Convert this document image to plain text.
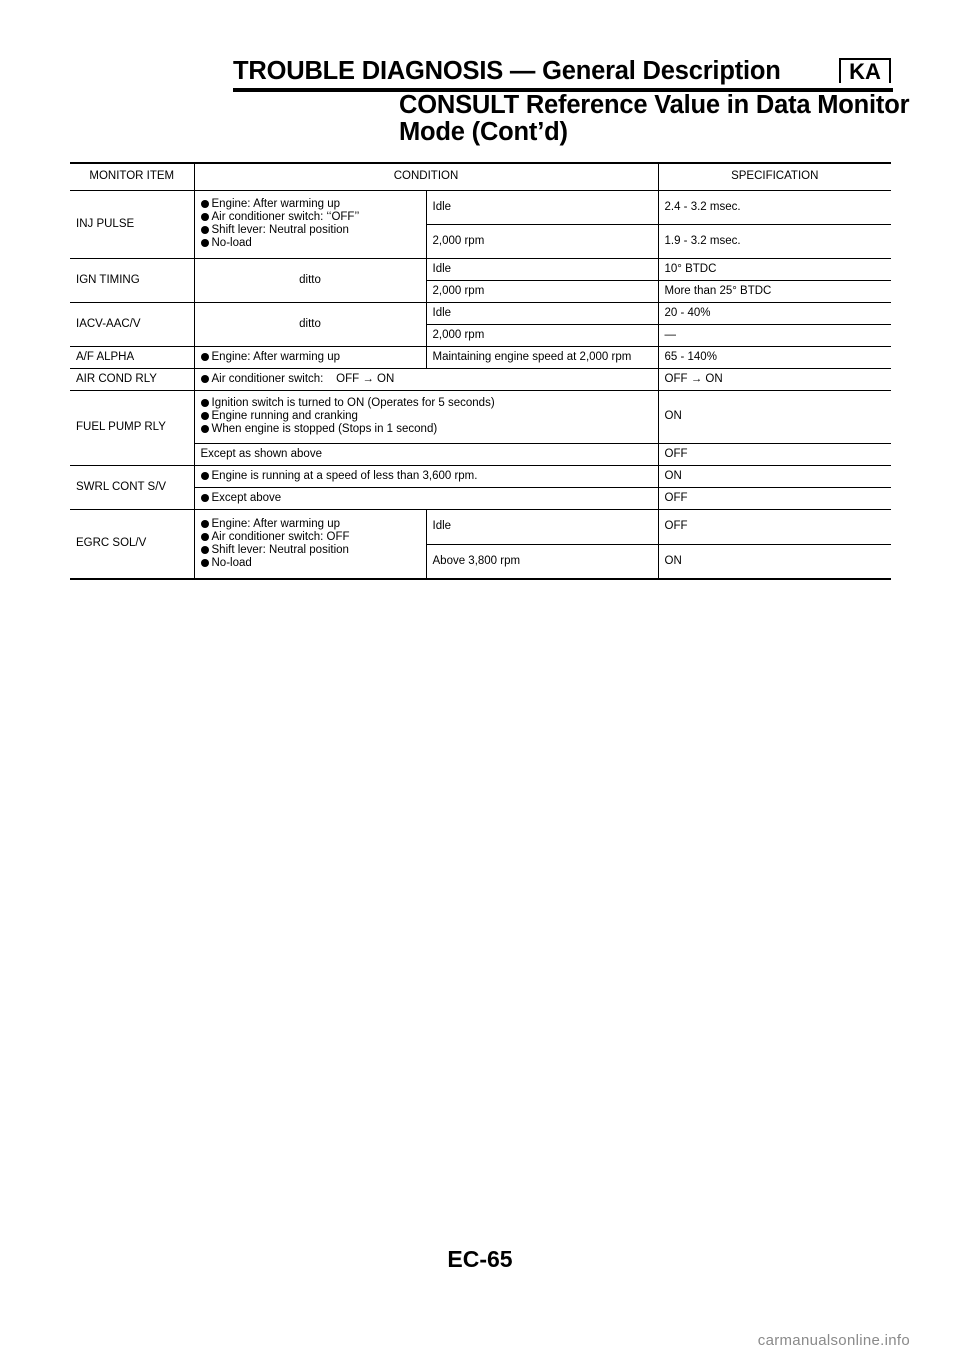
TROUBLE DIAGNOSIS — General Description	KA
CONSULT Reference Value in Data Monitor
Mode (Cont’d)
MONITOR ITEM	CONDITION		SPECIFICATION
INJ PULSE	Engine: After warming up
Air conditioner switch: ‘‘OFF’’
Shift lever: Neutral position
No-load	Idle	2.4 - 3.2 msec.
		2,000 rpm	1.9 - 3.2 msec.
IGN TIMING	ditto	Idle	10° BTDC
		2,000 rpm	More than 25° BTDC
IACV-AAC/V	ditto	Idle	20 - 40%
		2,000 rpm	—
A/F ALPHA	Engine: After warming up	Maintaining engine speed at 2,000 rpm	65 - 140%
AIR COND RLY	Air conditioner switch:    OFF → ON		OFF → ON
FUEL PUMP RLY	Ignition switch is turned to ON (Operates for 5 seconds)
Engine running and cranking
When engine is stopped (Stops in 1 second)		ON
	Except as shown above		OFF
SWRL CONT S/V	Engine is running at a speed of less than 3,600 rpm.		ON

	Except above		OFF
EGRC SOL/V	Engine: After warming up
Air conditioner switch: OFF
Shift lever: Neutral position
No-load	Idle	OFF
		Above 3,800 rpm	ON
EC-65
carmanualsonline.info
